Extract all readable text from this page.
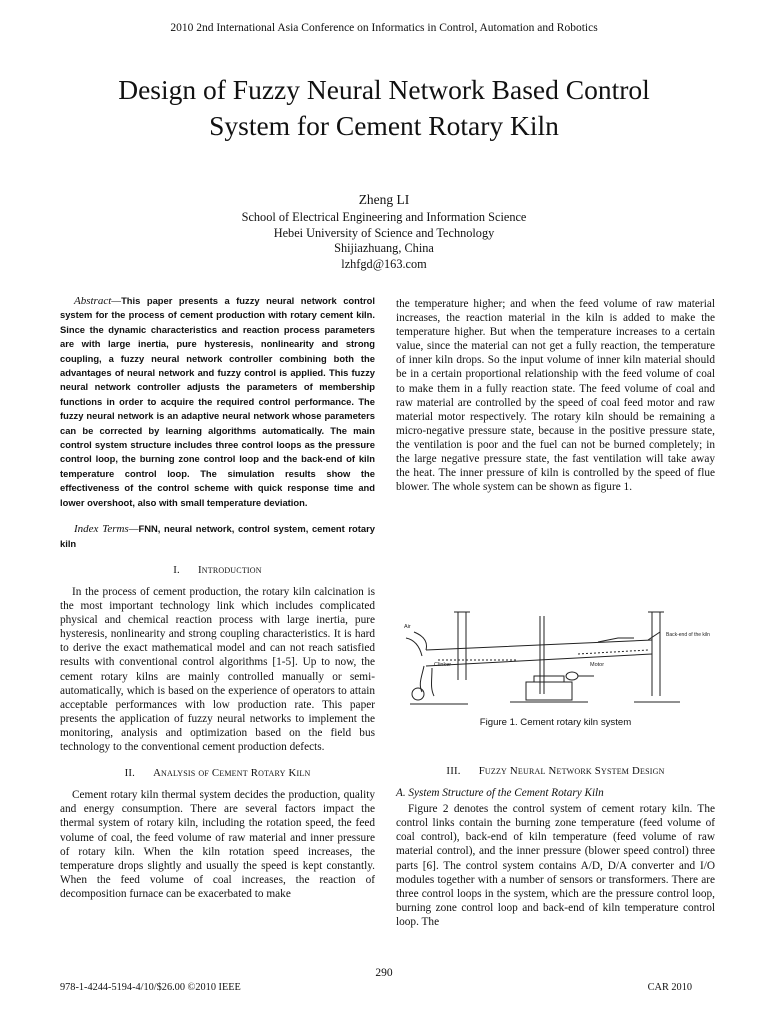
2010 2nd International Asia Conference on Informatics in Control, Automation and Robotics
Design of Fuzzy Neural Network Based Control
System for Cement Rotary Kiln
Zheng LI
School of Electrical Engineering and Information Science
Hebei University of Science and Technology
Shijiazhuang, China
lzhfgd@163.com

Abstract—This paper presents a fuzzy neural network control system for the process of cement production with rotary cement kiln. Since the dynamic characteristics and reaction process parameters are with large inertia, pure hysteresis, nonlinearity and strong coupling, a fuzzy neural network controller combining both the advantages of neural network and fuzzy control is applied. This fuzzy neural network controller adjusts the parameters of membership functions in order to acquire the required control performance. The fuzzy neural network is an adaptive neural network whose parameters can be corrected by learning algorithms automatically. The main control system structure includes three control loops as the pressure control loop, the burning zone control loop and the back-end of kiln temperature control loop. The simulation results show the effectiveness of the control scheme with quick response time and lower overshoot, also with small temperature deviation.

Index Terms—FNN, neural network, control system, cement rotary kiln

I. Introduction

In the process of cement production, the rotary kiln calcination is the most important technology link which includes complicated physical and chemical reaction process with large inertia, pure hysteresis, nonlinearity and strong coupling characteristics. It is hard to derive the exact mathematical model and can not reach satisfied results with conventional control algorithms [1-5]. Up to now, the cement rotary kilns are mainly controlled manually or semi-automatically, which is based on the experience of operators to attain acceptable performances with low production rate. This paper presents the application of fuzzy neural networks to implement the monitoring, analysis and optimization based on the field bus technology to the conventional cement production defects.

II. Analysis of Cement Rotary Kiln

Cement rotary kiln thermal system decides the production, quality and energy consumption. There are several factors impact the thermal system of rotary kiln, including the rotation speed, the feed volume of coal, the feed volume of raw material and inner pressure of rotary kiln. When the kiln rotation speed increases, the temperature drops slightly and usually the speed is kept constantly. When the feed volume of coal increases, the reaction of decomposition furnace can be exacerbated to make

the temperature higher; and when the feed volume of raw material increases, the reaction material in the kiln is added to make the temperature higher. But when the temperature increases to a certain value, since the material can not get a fully reaction, the temperature of inner kiln drops. So the input volume of inner kiln material should be in a certain proportional relationship with the feed volume of coal to make them in a fully reaction state. The feed volume of coal and raw material are controlled by the speed of coal feed motor and raw material motor respectively. The rotary kiln should be remaining a micro-negative pressure state, because in the positive pressure state, the ventilation is poor and the fuel can not be burned completely; in the large negative pressure state, the fast ventilation will take away the heat. The inner pressure of kiln is controlled by the speed of flue blower. The whole system can be shown as figure 1.

Air
Clinker	Motor
Back-end of the kiln
Figure 1. Cement rotary kiln system
III. Fuzzy Neural Network System Design
A. System Structure of the Cement Rotary Kiln

Figure 2 denotes the control system of cement rotary kiln. The control links contain the burning zone temperature (feed volume of coal control), back-end of kiln temperature (feed volume of raw material control), and the inner pressure (blower speed control) three parts [6]. The control system contains A/D, D/A converter and I/O modules together with a number of sensors or transformers. There are three control loops in the system, which are the pressure control loop, burning zone control loop and back-end of kiln temperature control loop. The

290
978-1-4244-5194-4/10/$26.00 ©2010 IEEE	CAR 2010
